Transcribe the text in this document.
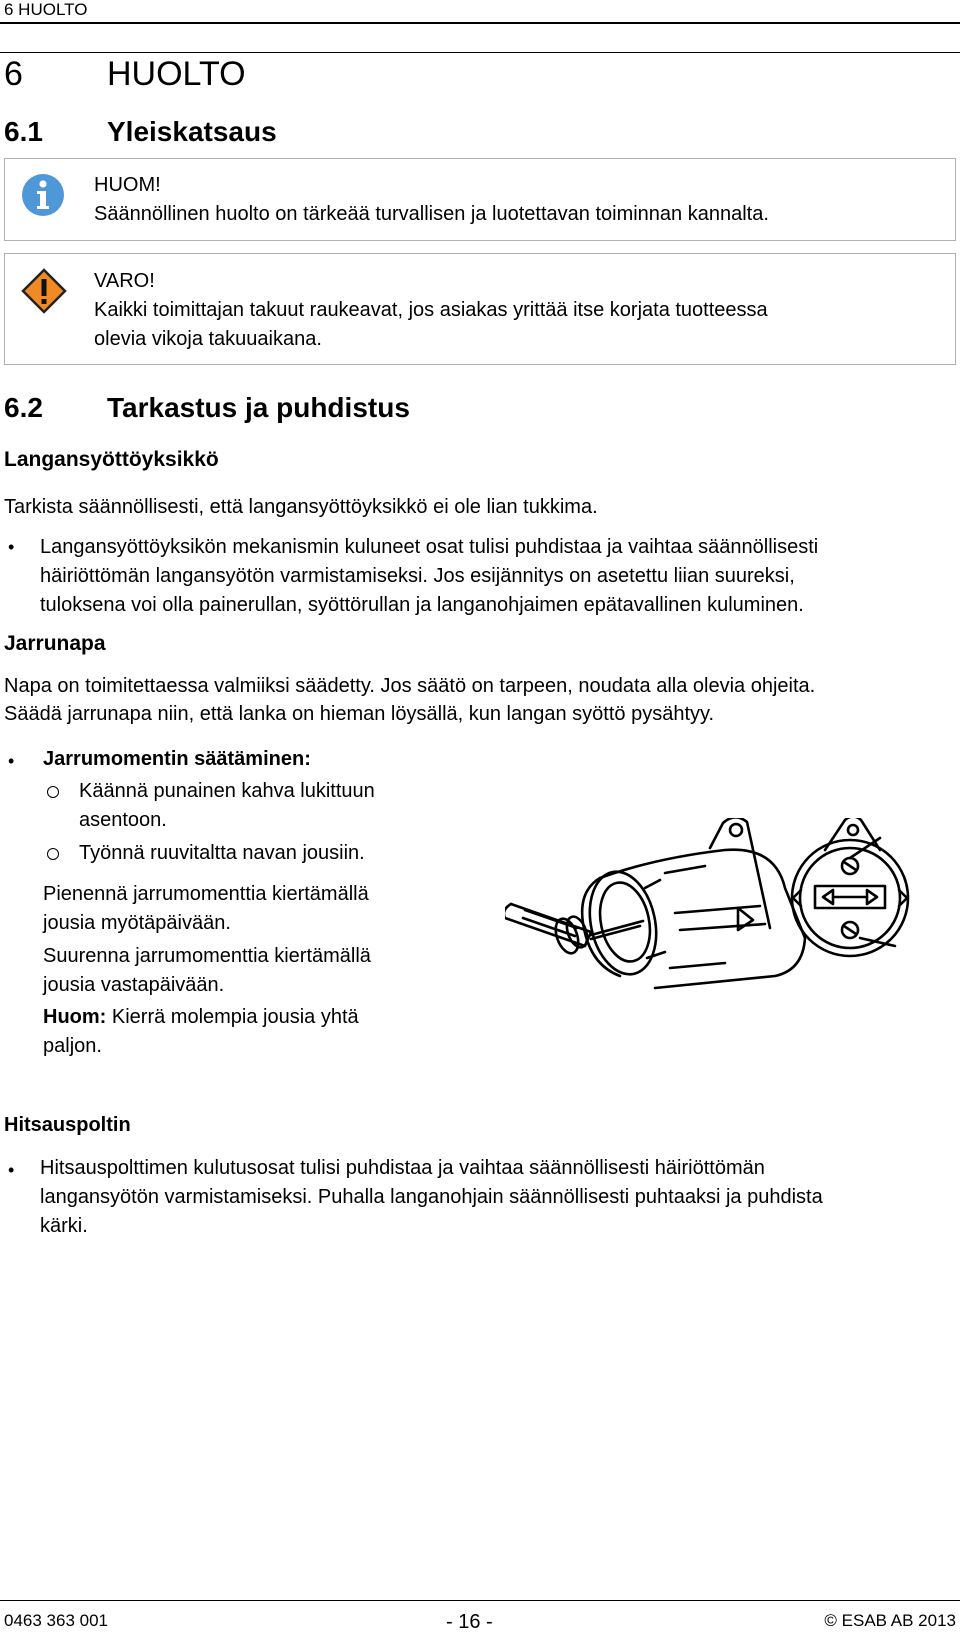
6 HUOLTO
6 HUOLTO
6.1 Yleiskatsaus
HUOM!
Säännöllinen huolto on tärkeää turvallisen ja luotettavan toiminnan kannalta.
VARO!
Kaikki toimittajan takuut raukeavat, jos asiakas yrittää itse korjata tuotteessa
olevia vikoja takuuaikana.
6.2 Tarkastus ja puhdistus
Langansyöttöyksikkö
Tarkista säännöllisesti, että langansyöttöyksikkö ei ole lian tukkima.
• Langansyöttöyksikön mekanismin kuluneet osat tulisi puhdistaa ja vaihtaa säännöllisesti
häiriöttömän langansyötön varmistamiseksi. Jos esijännitys on asetettu liian suureksi,
tuloksena voi olla painerullan, syöttörullan ja langanohjaimen epätavallinen kuluminen.
Jarrunapa
Napa on toimitettaessa valmiiksi säädetty. Jos säätö on tarpeen, noudata alla olevia ohjeita.
Säädä jarrunapa niin, että lanka on hieman löysällä, kun langan syöttö pysähtyy.
• Jarrumomentin säätäminen:
Käännä punainen kahva lukittuun
asentoon.
Työnnä ruuvitaltta navan jousiin.
Pienennä jarrumomenttia kiertämällä
jousia myötäpäivään.
Suurenna jarrumomenttia kiertämällä
jousia vastapäivään.
Huom: Kierrä molempia jousia yhtä
paljon.
Hitsauspoltin
• Hitsauspolttimen kulutusosat tulisi puhdistaa ja vaihtaa säännöllisesti häiriöttömän
langansyötön varmistamiseksi. Puhalla langanohjain säännöllisesti puhtaaksi ja puhdista
kärki.
0463 363 001	- 16 -	© ESAB AB 2013
